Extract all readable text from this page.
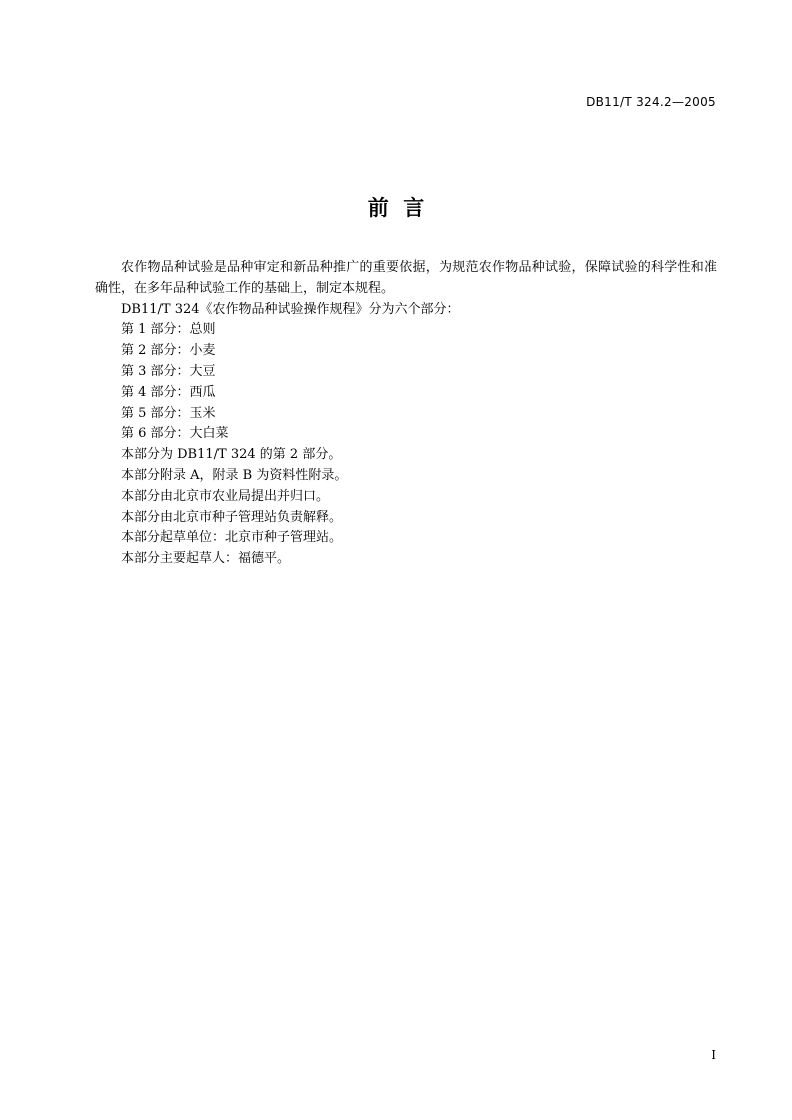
DB11/T 324.2—2005
前  言

农作物品种试验是品种审定和新品种推广的重要依据，为规范农作物品种试验，保障试验的科学性和准确性，在多年品种试验工作的基础上，制定本规程。

DB11/T 324《农作物品种试验操作规程》分为六个部分：

第 1 部分：总则

第 2 部分：小麦

第 3 部分：大豆

第 4 部分：西瓜

第 5 部分：玉米

第 6 部分：大白菜

本部分为 DB11/T 324 的第 2 部分。

本部分附录 A，附录 B 为资料性附录。

本部分由北京市农业局提出并归口。

本部分由北京市种子管理站负责解释。

本部分起草单位：北京市种子管理站。

本部分主要起草人：福德平。

I
